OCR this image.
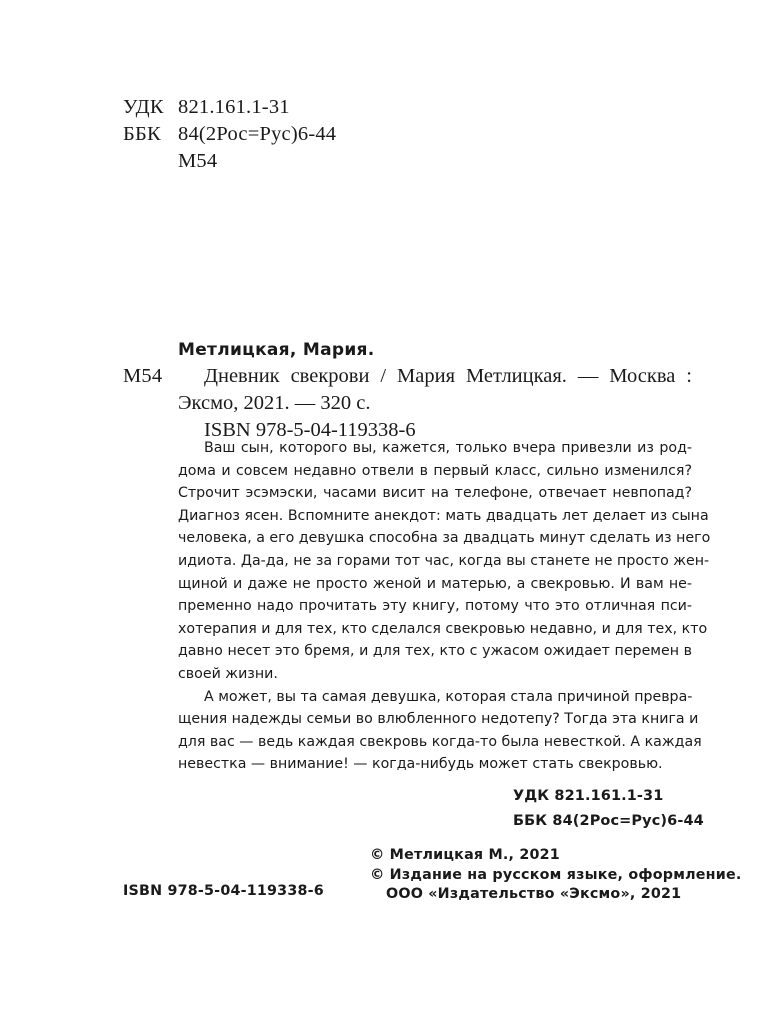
УДК 821.161.1-31
ББК 84(2Рос=Рус)6-44
М54
Метлицкая, Мария.
М54	Дневник свекрови / Мария Метлицкая. — Москва :
Эксмо, 2021. — 320 с.
ISBN 978-5-04-119338-6
Ваш сын, которого вы, кажется, только вчера привезли из род-
дома и совсем недавно отвели в первый класс, сильно изменился?
Строчит эсэмэски, часами висит на телефоне, отвечает невпопад?
Диагноз ясен. Вспомните анекдот: мать двадцать лет делает из сына
человека, а его девушка способна за двадцать минут сделать из него
идиота. Да-да, не за горами тот час, когда вы станете не просто жен-
щиной и даже не просто женой и матерью, а свекровью. И вам не-
пременно надо прочитать эту книгу, потому что это отличная пси-
хотерапия и для тех, кто сделался свекровью недавно, и для тех, кто
давно несет это бремя, и для тех, кто с ужасом ожидает перемен в
своей жизни.
А может, вы та самая девушка, которая стала причиной превра-
щения надежды семьи во влюбленного недотепу? Тогда эта книга и
для вас — ведь каждая свекровь когда-то была невесткой. А каждая
невестка — внимание! — когда-нибудь может стать свекровью.
УДК 821.161.1-31
ББК 84(2Рос=Рус)6-44
© Метлицкая М., 2021
© Издание на русском языке, оформление.
ООО «Издательство «Эксмо», 2021
ISBN 978-5-04-119338-6
